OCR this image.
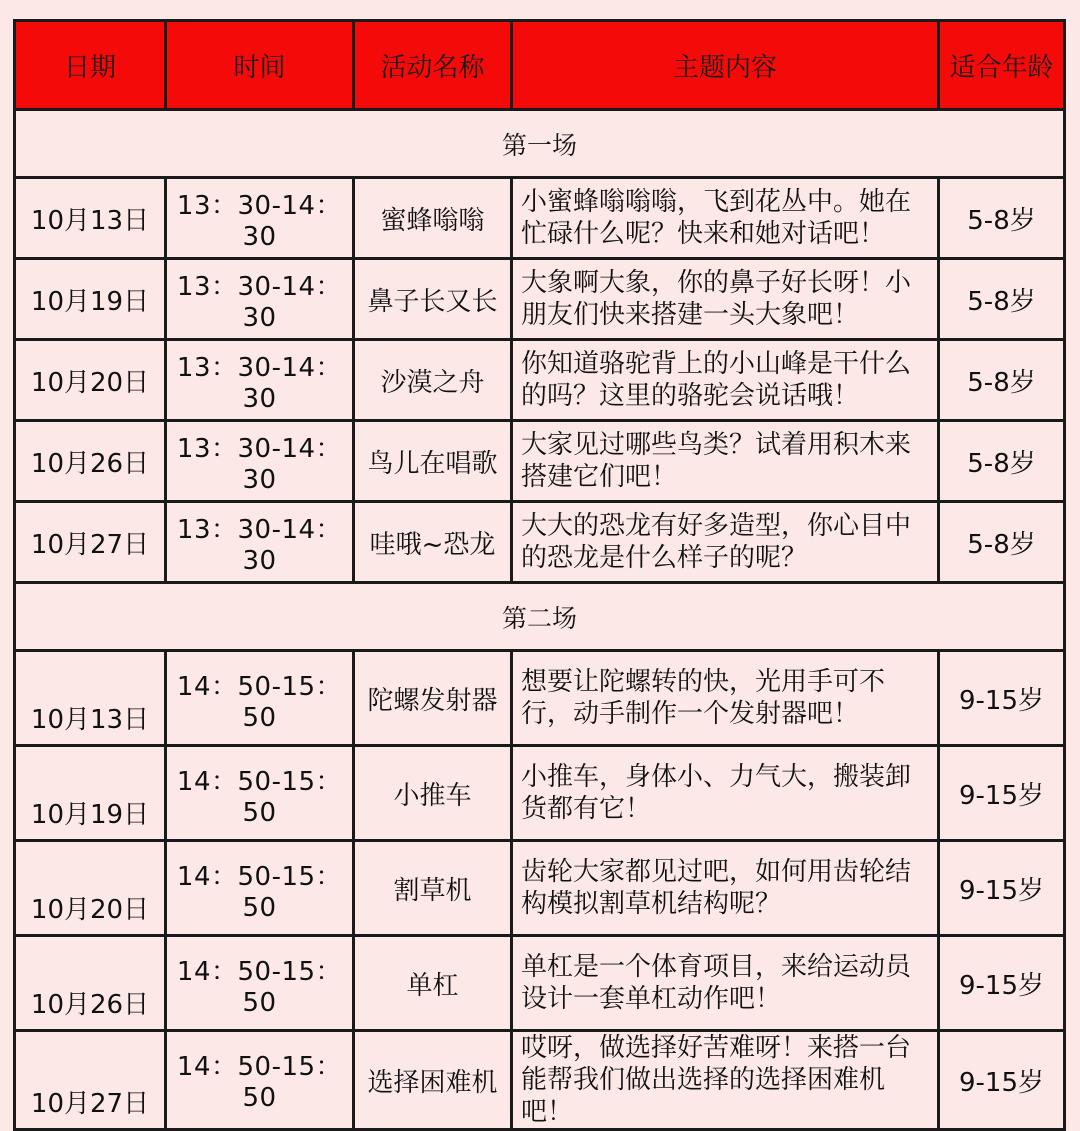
日期	时间	活动名称	主题内容	适合年龄
第一场				
10月13日	13：30-14：30	蜜蜂嗡嗡	小蜜蜂嗡嗡嗡，飞到花丛中。她在忙碌什么呢？快来和她对话吧！	5-8岁
10月19日	13：30-14：30	鼻子长又长	大象啊大象，你的鼻子好长呀！小朋友们快来搭建一头大象吧！	5-8岁
10月20日	13：30-14：30	沙漠之舟	你知道骆驼背上的小山峰是干什么的吗？这里的骆驼会说话哦！	5-8岁
10月26日	13：30-14：30	鸟儿在唱歌	大家见过哪些鸟类？试着用积木来搭建它们吧！	5-8岁
10月27日	13：30-14：30	哇哦~恐龙	大大的恐龙有好多造型，你心目中的恐龙是什么样子的呢？	5-8岁
第二场				
10月13日	14：50-15：50	陀螺发射器	想要让陀螺转的快，光用手可不行，动手制作一个发射器吧！	9-15岁
10月19日	14：50-15：50	小推车	小推车，身体小、力气大，搬装卸货都有它！	9-15岁
10月20日	14：50-15：50	割草机	齿轮大家都见过吧，如何用齿轮结构模拟割草机结构呢？	9-15岁
10月26日	14：50-15：50	单杠	单杠是一个体育项目，来给运动员设计一套单杠动作吧！	9-15岁
10月27日	14：50-15：50	选择困难机	哎呀，做选择好苦难呀！来搭一台能帮我们做出选择的选择困难机吧！	9-15岁
